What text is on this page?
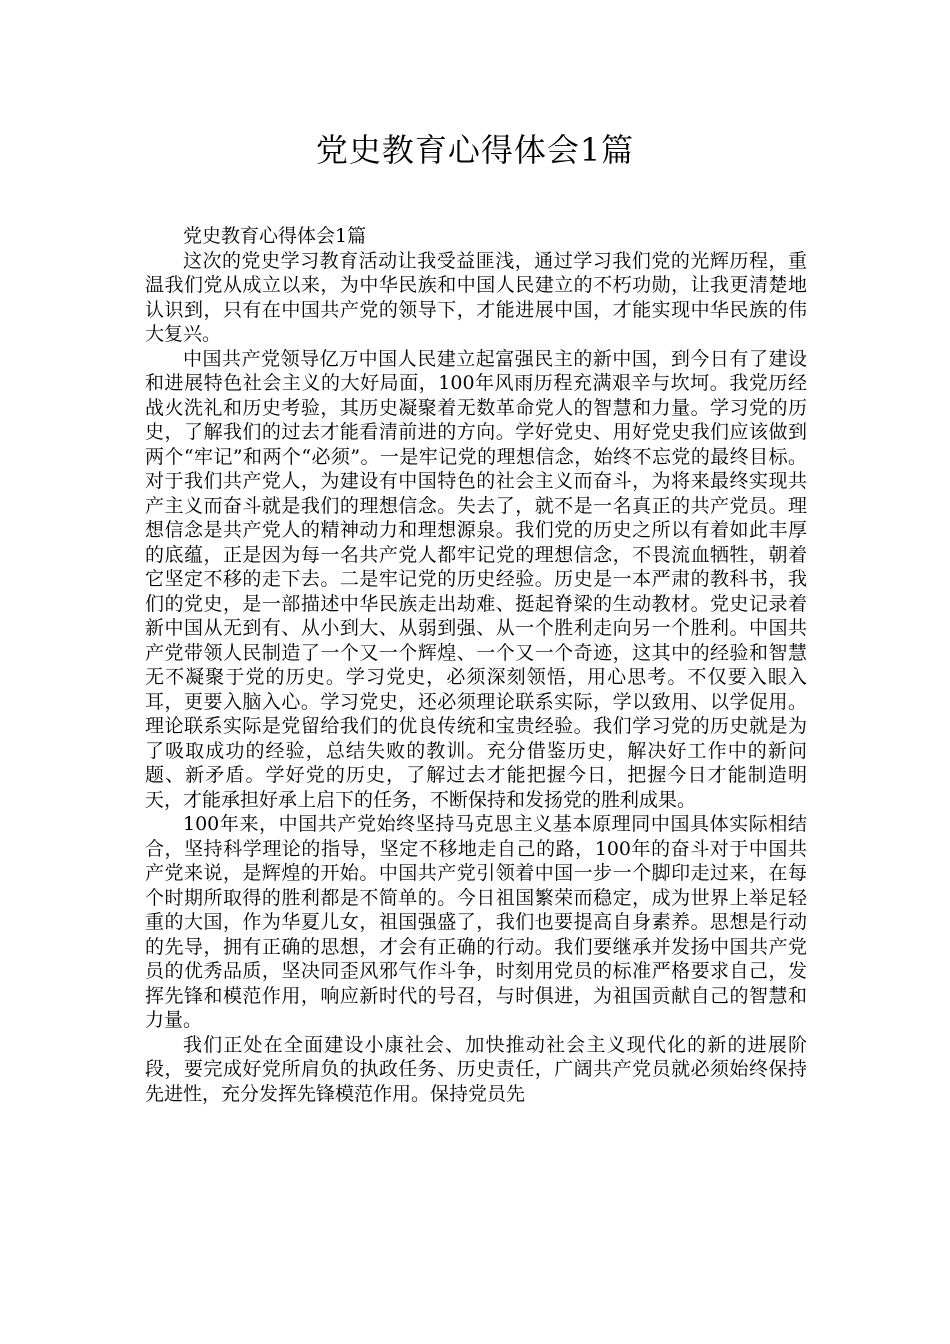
党史教育心得体会1篇

党史教育心得体会1篇

这次的党史学习教育活动让我受益匪浅，通过学习我们党的光辉历程，重温我们党从成立以来，为中华民族和中国人民建立的不朽功勋，让我更清楚地认识到，只有在中国共产党的领导下，才能进展中国，才能实现中华民族的伟大复兴。

中国共产党领导亿万中国人民建立起富强民主的新中国，到今日有了建设和进展特色社会主义的大好局面，100年风雨历程充满艰辛与坎坷。我党历经战火洗礼和历史考验，其历史凝聚着无数革命党人的智慧和力量。学习党的历史，了解我们的过去才能看清前进的方向。学好党史、用好党史我们应该做到两个“牢记”和两个“必须”。一是牢记党的理想信念，始终不忘党的最终目标。对于我们共产党人，为建设有中国特色的社会主义而奋斗，为将来最终实现共产主义而奋斗就是我们的理想信念。失去了，就不是一名真正的共产党员。理想信念是共产党人的精神动力和理想源泉。我们党的历史之所以有着如此丰厚的底蕴，正是因为每一名共产党人都牢记党的理想信念，不畏流血牺牲，朝着它坚定不移的走下去。二是牢记党的历史经验。历史是一本严肃的教科书，我们的党史，是一部描述中华民族走出劫难、挺起脊梁的生动教材。党史记录着新中国从无到有、从小到大、从弱到强、从一个胜利走向另一个胜利。中国共产党带领人民制造了一个又一个辉煌、一个又一个奇迹，这其中的经验和智慧无不凝聚于党的历史。学习党史，必须深刻领悟，用心思考。不仅要入眼入耳，更要入脑入心。学习党史，还必须理论联系实际，学以致用、以学促用。理论联系实际是党留给我们的优良传统和宝贵经验。我们学习党的历史就是为了吸取成功的经验，总结失败的教训。充分借鉴历史，解决好工作中的新问题、新矛盾。学好党的历史，了解过去才能把握今日，把握今日才能制造明天，才能承担好承上启下的任务，不断保持和发扬党的胜利成果。

100年来，中国共产党始终坚持马克思主义基本原理同中国具体实际相结合，坚持科学理论的指导，坚定不移地走自己的路，100年的奋斗对于中国共产党来说，是辉煌的开始。中国共产党引领着中国一步一个脚印走过来，在每个时期所取得的胜利都是不简单的。今日祖国繁荣而稳定，成为世界上举足轻重的大国，作为华夏儿女，祖国强盛了，我们也要提高自身素养。思想是行动的先导，拥有正确的思想，才会有正确的行动。我们要继承并发扬中国共产党员的优秀品质，坚决同歪风邪气作斗争，时刻用党员的标准严格要求自己，发挥先锋和模范作用，响应新时代的号召，与时俱进，为祖国贡献自己的智慧和力量。

我们正处在全面建设小康社会、加快推动社会主义现代化的新的进展阶段，要完成好党所肩负的执政任务、历史责任，广阔共产党员就必须始终保持先进性，充分发挥先锋模范作用。保持党员先
